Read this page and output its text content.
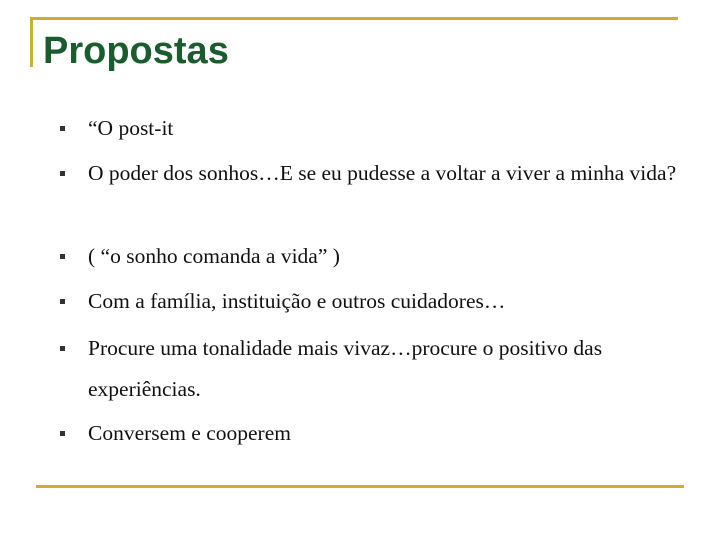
Propostas
“O post-it
O poder dos sonhos…E se eu pudesse a voltar a viver a minha vida?
( “o sonho comanda a vida” )
Com a família, instituição e outros cuidadores…
Procure uma tonalidade mais vivaz…procure o positivo das experiências.
Conversem e cooperem
